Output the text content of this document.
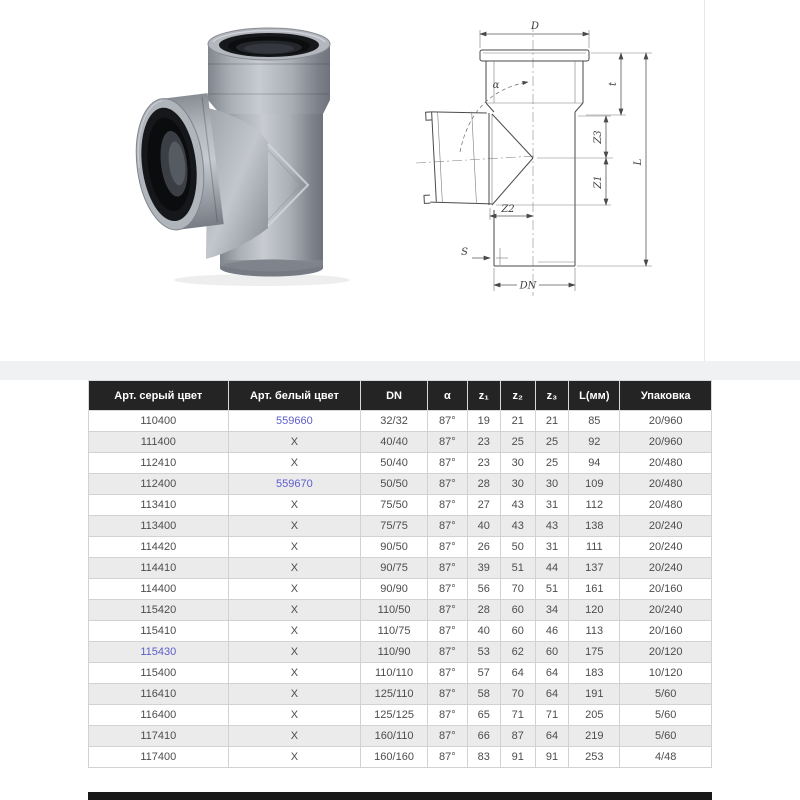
D
t
Z3
Z1
L
Z2
S
DN
α
Арт. серый цвет	Арт. белый цвет	DN	α	z₁	z₂	z₃	L(мм)	Упаковка
110400	559660	32/32	87°	19	21	21	85	20/960
111400	X	40/40	87°	23	25	25	92	20/960
112410	X	50/40	87°	23	30	25	94	20/480
112400	559670	50/50	87°	28	30	30	109	20/480
113410	X	75/50	87°	27	43	31	112	20/480
113400	X	75/75	87°	40	43	43	138	20/240
114420	X	90/50	87°	26	50	31	111	20/240
114410	X	90/75	87°	39	51	44	137	20/240
114400	X	90/90	87°	56	70	51	161	20/160
115420	X	110/50	87°	28	60	34	120	20/240
115410	X	110/75	87°	40	60	46	113	20/160
115430	X	110/90	87°	53	62	60	175	20/120
115400	X	110/110	87°	57	64	64	183	10/120
116410	X	125/110	87°	58	70	64	191	5/60
116400	X	125/125	87°	65	71	71	205	5/60
117410	X	160/110	87°	66	87	64	219	5/60
117400	X	160/160	87°	83	91	91	253	4/48
